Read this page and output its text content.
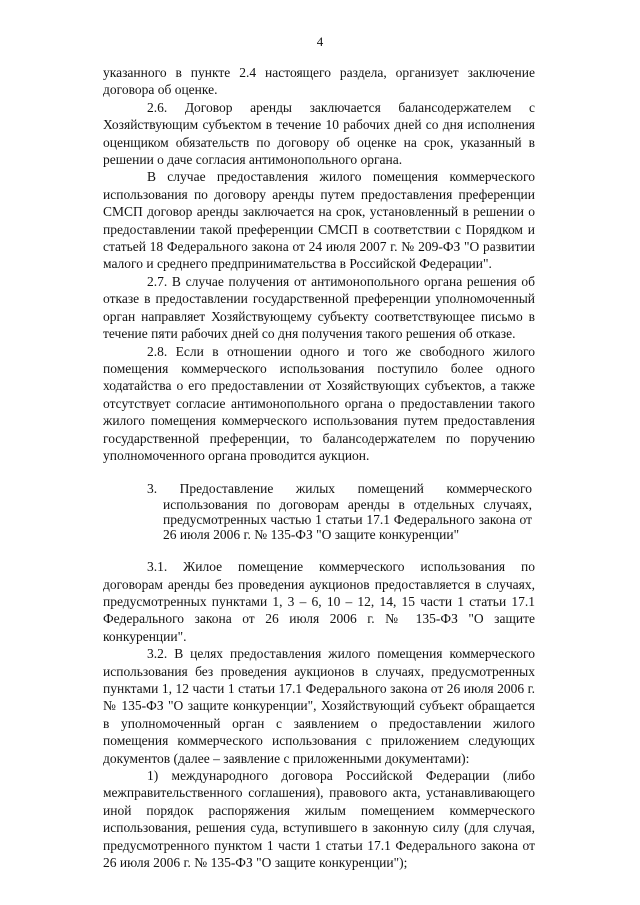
4

указанного в пункте 2.4 настоящего раздела, организует заключение договора об оценке.

2.6. Договор аренды заключается балансодержателем с Хозяйствующим субъектом в течение 10 рабочих дней со дня исполнения оценщиком обязательств по договору об оценке на срок, указанный в решении о даче согласия антимонопольного органа.

В случае предоставления жилого помещения коммерческого использования по договору аренды путем предоставления преференции СМСП договор аренды заключается на срок, установленный в решении о предоставлении такой преференции СМСП в соответствии с Порядком и статьей 18 Федерального закона от 24 июля 2007 г. № 209-ФЗ "О развитии малого и среднего предпринимательства в Российской Федерации".

2.7. В случае получения от антимонопольного органа решения об отказе в предоставлении государственной преференции уполномоченный орган направляет Хозяйствующему субъекту соответствующее письмо в течение пяти рабочих дней со дня получения такого решения об отказе.

2.8. Если в отношении одного и того же свободного жилого помещения коммерческого использования поступило более одного ходатайства о его предоставлении от Хозяйствующих субъектов, а также отсутствует согласие антимонопольного органа о предоставлении такого жилого помещения коммерческого использования путем предоставления государственной преференции, то балансодержателем по поручению уполномоченного органа проводится аукцион.

3. Предоставление жилых помещений коммерческого использования по договорам аренды в отдельных случаях, предусмотренных частью 1 статьи 17.1 Федерального закона от 26 июля 2006 г. № 135-ФЗ "О защите конкуренции"

3.1. Жилое помещение коммерческого использования по договорам аренды без проведения аукционов предоставляется в случаях, предусмотренных пунктами 1, 3 – 6, 10 – 12, 14, 15 части 1 статьи 17.1 Федерального закона от 26 июля 2006 г. № 135-ФЗ "О защите конкуренции".

3.2. В целях предоставления жилого помещения коммерческого использования без проведения аукционов в случаях, предусмотренных пунктами 1, 12 части 1 статьи 17.1 Федерального закона от 26 июля 2006 г. № 135-ФЗ "О защите конкуренции", Хозяйствующий субъект обращается в уполномоченный орган с заявлением о предоставлении жилого помещения коммерческого использования с приложением следующих документов (далее – заявление с приложенными документами):

1) международного договора Российской Федерации (либо межправительственного соглашения), правового акта, устанавливающего иной порядок распоряжения жилым помещением коммерческого использования, решения суда, вступившего в законную силу (для случая, предусмотренного пунктом 1 части 1 статьи 17.1 Федерального закона от 26 июля 2006 г. № 135-ФЗ "О защите конкуренции");
